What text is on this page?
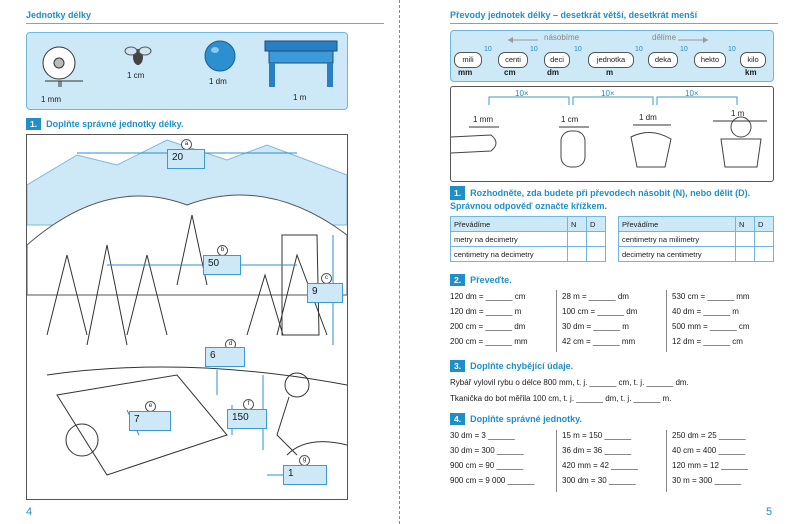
Jednotky délky
1 mm
1 cm
1 dm
1 m
1. Doplňte správné jednotky délky.
a
20
b
50
c
9
d
6
e
7
f
150
g
1
4
Převody jednotek délky – desetkrát větší, desetkrát menší
násobíme	dělíme
mili	centi	deci	jednotka	deka	hekto	kilo
10	10	10	10	10	10
mm	cm	dm	m	km
10×	10×	10×
1 mm	1 cm	1 dm	1 m
1. Rozhodněte, zda budete při převodech násobit (N), nebo dělit (D). Správnou odpověď označte křížkem.
Převádíme	N	D
metry na decimetry		
centimetry na decimetry		
Převádíme	N	D
centimetry na milimetry		
decimetry na centimetry		
2. Převeďte.
120 dm = ______ cm
120 dm = ______ m
200 cm = ______ dm
200 cm = ______ mm
28 m = ______ dm
100 cm = ______ dm
30 dm = ______ m
42 cm = ______ mm
530 cm = ______ mm
40 dm = ______ m
500 mm = ______ cm
12 dm = ______ cm
3. Doplňte chybějící údaje.
Rybář vylovil rybu o délce 800 mm, t. j. ______ cm, t. j. ______ dm.
Tkanička do bot měřila 100 cm, t. j. ______ dm, t. j. ______ m.
4. Doplňte správné jednotky.
30 dm = 3 ______
30 dm = 300 ______
900 cm = 90 ______
900 cm = 9 000 ______
15 m = 150 ______
36 dm = 36 ______
420 mm = 42 ______
300 dm = 30 ______
250 dm = 25 ______
40 cm = 400 ______
120 mm = 12 ______
30 m = 300 ______
5
